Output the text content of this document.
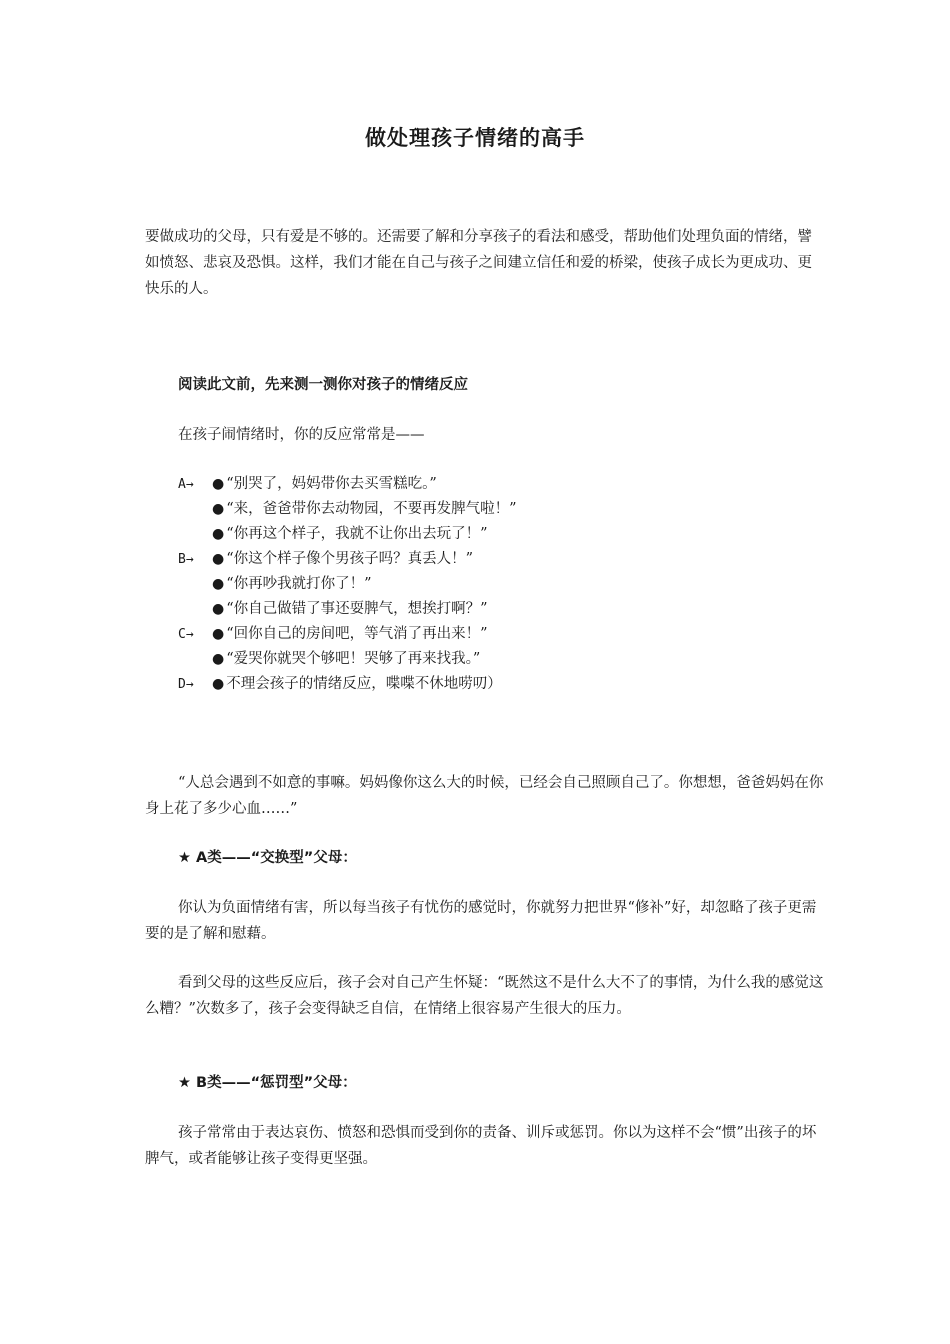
做处理孩子情绪的高手

要做成功的父母，只有爱是不够的。还需要了解和分享孩子的看法和感受，帮助他们处理负面的情绪，譬如愤怒、悲哀及恐惧。这样，我们才能在自己与孩子之间建立信任和爱的桥梁，使孩子成长为更成功、更快乐的人。

阅读此文前，先来测一测你对孩子的情绪反应

在孩子闹情绪时，你的反应常常是——

A→ ● “别哭了，妈妈带你去买雪糕吃。”
● “来，爸爸带你去动物园，不要再发脾气啦！”
● “你再这个样子，我就不让你出去玩了！”
B→ ● “你这个样子像个男孩子吗？真丢人！”
● “你再吵我就打你了！”
● “你自己做错了事还耍脾气，想挨打啊？”
C→ ● “回你自己的房间吧，等气消了再出来！”
● “爱哭你就哭个够吧！哭够了再来找我。”
D→ ● 不理会孩子的情绪反应，喋喋不休地唠叨）

“人总会遇到不如意的事嘛。妈妈像你这么大的时候，已经会自己照顾自己了。你想想，爸爸妈妈在你身上花了多少心血……”

★ A类——“交换型”父母：

你认为负面情绪有害，所以每当孩子有忧伤的感觉时，你就努力把世界“修补”好，却忽略了孩子更需要的是了解和慰藉。

看到父母的这些反应后，孩子会对自己产生怀疑：“既然这不是什么大不了的事情，为什么我的感觉这么糟？”次数多了，孩子会变得缺乏自信，在情绪上很容易产生很大的压力。

★ B类——“惩罚型”父母：

孩子常常由于表达哀伤、愤怒和恐惧而受到你的责备、训斥或惩罚。你以为这样不会“惯”出孩子的坏脾气，或者能够让孩子变得更坚强。
